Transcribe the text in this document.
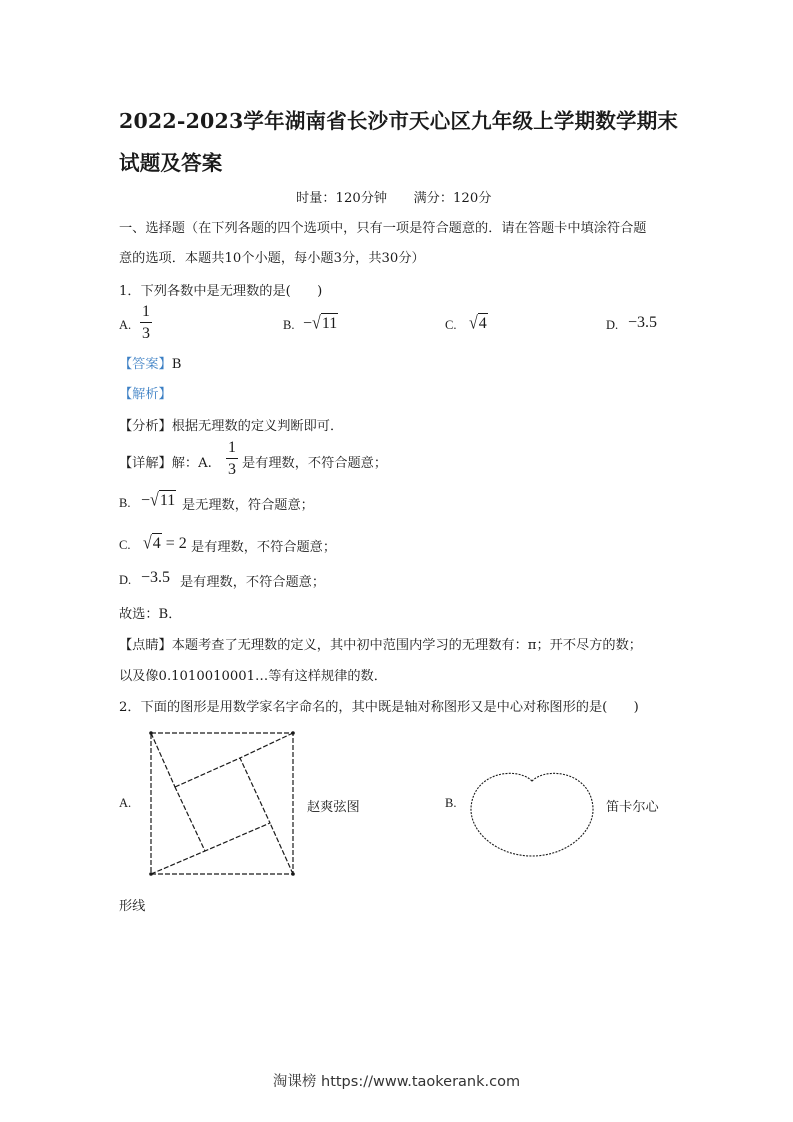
2022-2023学年湖南省长沙市天心区九年级上学期数学期末
试题及答案
时量：120分钟　　满分：120分
一、选择题（在下列各题的四个选项中，只有一项是符合题意的．请在答题卡中填涂符合题
意的选项．本题共10个小题，每小题3分，共30分）
1．下列各数中是无理数的是(　　)
A. $\frac{1}{3}$	B. −√11	C. √4	D. −3.5
【答案】B
【解析】
【分析】根据无理数的定义判断即可．
【详解】解：A. $\frac{1}{3}$ 是有理数，不符合题意；
B. −√11 是无理数，符合题意；
C. √4 = 2 是有理数，不符合题意；
D. −3.5 是有理数，不符合题意；
故选：B．
【点睛】本题考查了无理数的定义，其中初中范围内学习的无理数有：π；开不尽方的数；
以及像0.1010010001…等有这样规律的数．
2．下面的图形是用数学家名字命名的，其中既是轴对称图形又是中心对称图形的是(　　)
A.	赵爽弦图	B.	笛卡尔心
形线
淘课榜 https://www.taokerank.com
